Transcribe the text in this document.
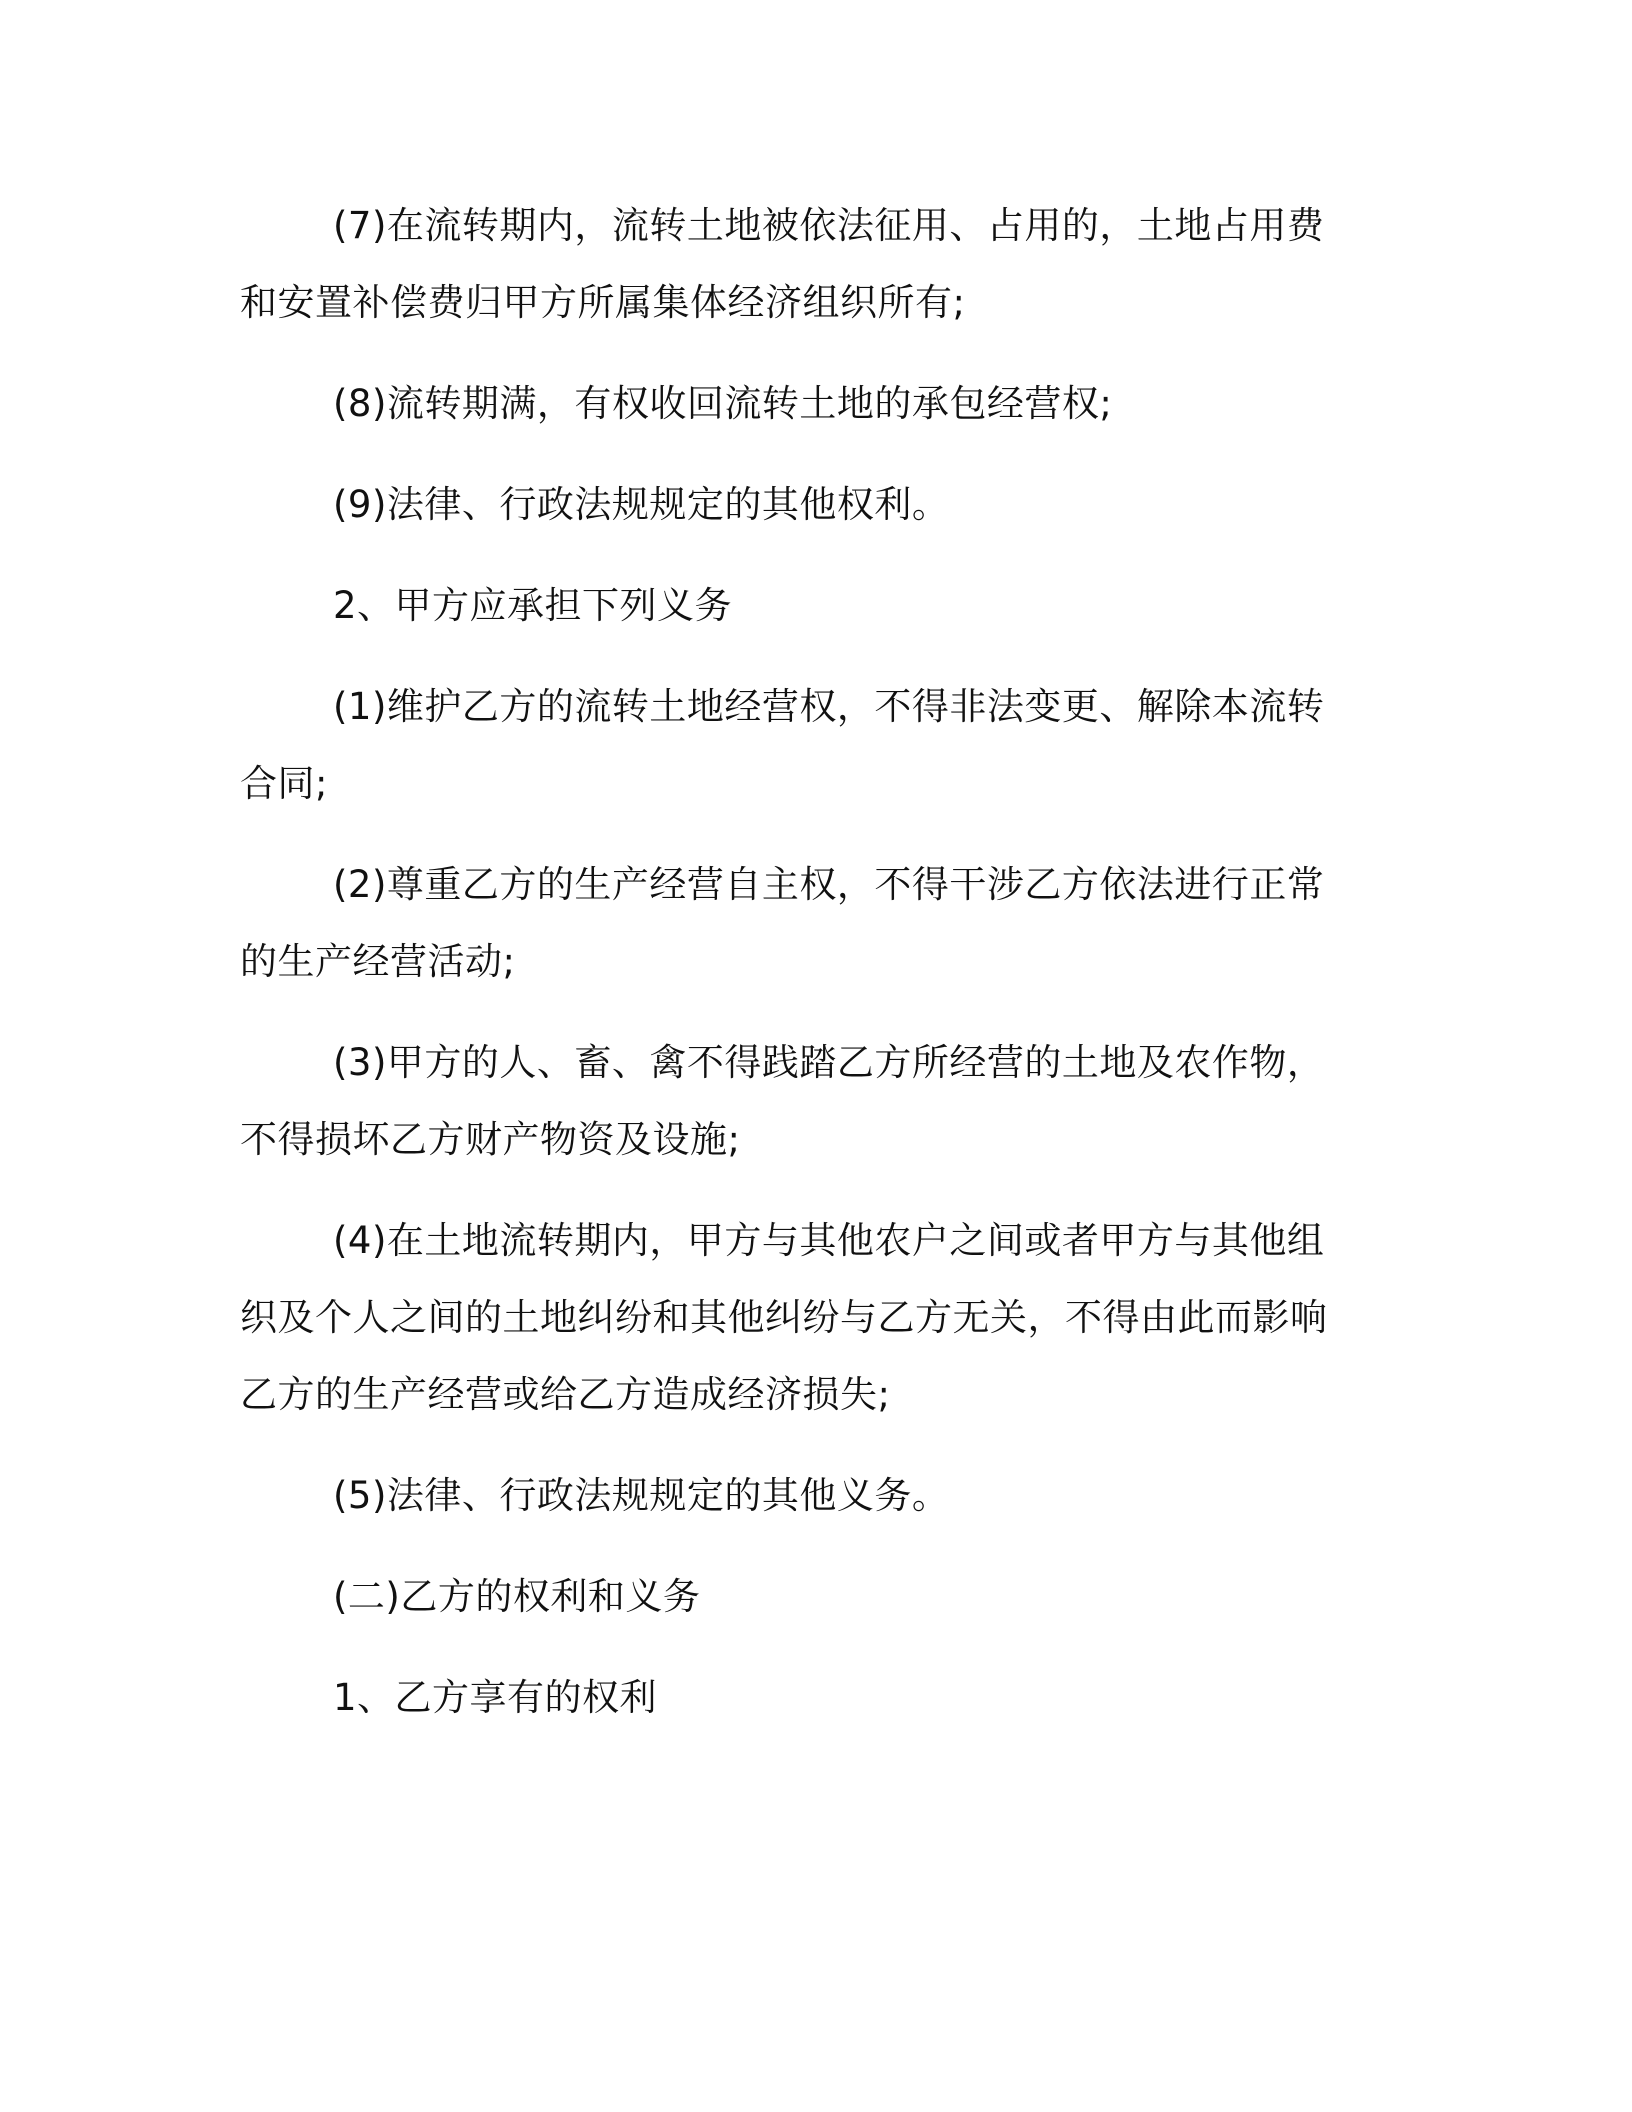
(7)在流转期内，流转土地被依法征用、占用的，土地占用费和安置补偿费归甲方所属集体经济组织所有;

(8)流转期满，有权收回流转土地的承包经营权;

(9)法律、行政法规规定的其他权利。

2、甲方应承担下列义务

(1)维护乙方的流转土地经营权，不得非法变更、解除本流转合同;

(2)尊重乙方的生产经营自主权，不得干涉乙方依法进行正常的生产经营活动;

(3)甲方的人、畜、禽不得践踏乙方所经营的土地及农作物，不得损坏乙方财产物资及设施;

(4)在土地流转期内，甲方与其他农户之间或者甲方与其他组织及个人之间的土地纠纷和其他纠纷与乙方无关，不得由此而影响乙方的生产经营或给乙方造成经济损失;

(5)法律、行政法规规定的其他义务。

(二)乙方的权利和义务

1、乙方享有的权利
